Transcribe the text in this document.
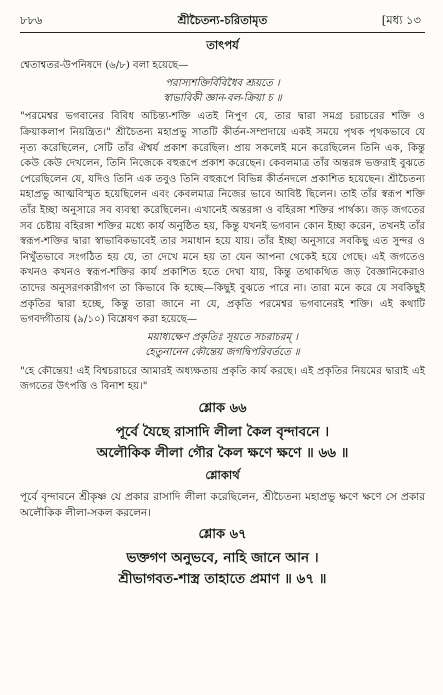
৮৮৬	শ্রীচৈতন্য-চরিতামৃত	[মধ্য ১৩
তাৎপর্য

শ্বেতাশ্বতর-উপনিষদে (৬/৮) বলা হয়েছে—

পরাস্যশক্তির্বিবিধৈব শ্রূয়তে ।
স্বাভাবিকী জ্ঞান-বল-ক্রিয়া চ ॥

"পরমেশ্বর ভগবানের বিবিধ অচিন্ত্য-শক্তি এতই নিপুণ যে, তার দ্বারা সমগ্র চরাচরের শক্তি ও ক্রিয়াকলাপ নিয়ন্ত্রিত।" শ্রীচৈতন্য মহাপ্রভু সাতটি কীর্তন-সম্প্রদায়ে একই সময়ে পৃথক পৃথকভাবে যে নৃত্য করেছিলেন, সেটি তাঁর ঐশ্বর্য প্রকাশ করেছিল। প্রায় সকলেই মনে করেছিলেন তিনি এক, কিন্তু কেউ কেউ দেখলেন, তিনি নিজেকে বহুরূপে প্রকাশ করেছেন। কেবলমাত্র তাঁর অন্তরঙ্গ ভক্তরাই বুঝতে পেরেছিলেন যে, যদিও তিনি এক তবুও তিনি বহুরূপে বিভিন্ন কীর্তনদলে প্রকাশিত হয়েছেন। শ্রীচৈতন্য মহাপ্রভু আত্মবিস্মৃত হয়েছিলেন এবং কেবলমাত্র নিজের ভাবে আবিষ্ট ছিলেন। তাই তাঁর স্বরূপ শক্তি তাঁর ইচ্ছা অনুসারে সব ব্যবস্থা করেছিলেন। এখানেই অন্তরঙ্গা ও বহিরঙ্গা শক্তির পার্থক্য। জড় জগতের সব চেষ্টায় বহিরঙ্গা শক্তির মধ্যে কার্য অনুষ্ঠিত হয়, কিন্তু যখনই ভগবান কোন ইচ্ছা করেন, তখনই তাঁর স্বরূপ-শক্তির দ্বারা স্বাভাবিকভাবেই তার সমাধান হয়ে যায়। তাঁর ইচ্ছা অনুসারে সবকিছু এত সুন্দর ও নিখুঁতভাবে সংগঠিত হয় যে, তা দেখে মনে হয় তা যেন আপনা থেকেই হয়ে গেছে। এই জগতেও কখনও কখনও স্বরূপ-শক্তির কার্য প্রকাশিত হতে দেখা যায়, কিন্তু তথাকথিত জড় বৈজ্ঞানিকেরাও তাদের অনুসরণকারীগণ তা কিভাবে কি হচ্ছে—কিছুই বুঝতে পারে না। তারা মনে করে যে সবকিছুই প্রকৃতির দ্বারা হচ্ছে, কিন্তু তারা জানে না যে, প্রকৃতি পরমেশ্বর ভগবানেরই শক্তি। এই কথাটি ভগবদ্গীতায় (৯/১০) বিশ্লেষণ করা হয়েছে—

ময়াধ্যক্ষেণ প্রকৃতিঃ সূয়তে সচরাচরম্ ।
হেতুনানেন কৌন্তেয় জগদ্বিপরিবর্ততে ॥

"হে কৌন্তেয়! এই বিশ্বচরাচরে আমারই অধ্যক্ষতায় প্রকৃতি কার্য করছে। এই প্রকৃতির নিয়মের দ্বারাই এই জগতের উৎপত্তি ও বিনাশ হয়।"

শ্লোক ৬৬
পূর্বে যৈছে রাসাদি লীলা কৈল বৃন্দাবনে ।
অলৌকিক লীলা গৌর কৈল ক্ষণে ক্ষণে ॥ ৬৬ ॥
শ্লোকার্থ

পূর্বে বৃন্দাবনে শ্রীকৃষ্ণ যে প্রকার রাসাদি লীলা করেছিলেন, শ্রীচৈতন্য মহাপ্রভু ক্ষণে ক্ষণে সে প্রকার অলৌকিক লীলা-সকল করলেন।

শ্লোক ৬৭
ভক্তগণ অনুভবে, নাহি জানে আন ।
শ্রীভাগবত-শাস্ত্র তাহাতে প্রমাণ ॥ ৬৭ ॥
